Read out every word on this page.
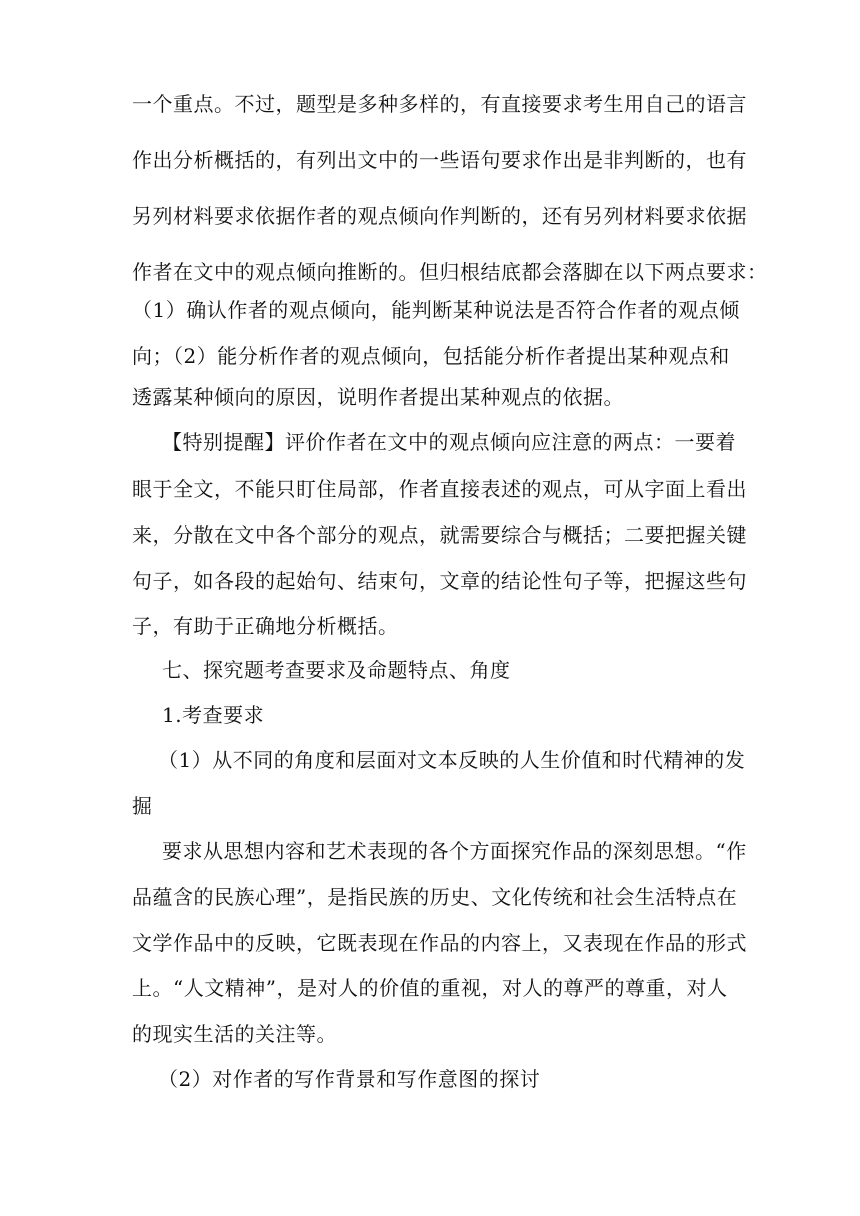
一个重点。不过，题型是多种多样的，有直接要求考生用自己的语言
作出分析概括的，有列出文中的一些语句要求作出是非判断的，也有
另列材料要求依据作者的观点倾向作判断的，还有另列材料要求依据
作者在文中的观点倾向推断的。但归根结底都会落脚在以下两点要求：
（1）确认作者的观点倾向，能判断某种说法是否符合作者的观点倾
向；（2）能分析作者的观点倾向，包括能分析作者提出某种观点和
透露某种倾向的原因，说明作者提出某种观点的依据。
【特别提醒】评价作者在文中的观点倾向应注意的两点：一要着
眼于全文，不能只盯住局部，作者直接表述的观点，可从字面上看出
来，分散在文中各个部分的观点，就需要综合与概括；二要把握关键
句子，如各段的起始句、结束句，文章的结论性句子等，把握这些句
子，有助于正确地分析概括。
七、探究题考查要求及命题特点、角度
1.考查要求
（1）从不同的角度和层面对文本反映的人生价值和时代精神的发
掘
要求从思想内容和艺术表现的各个方面探究作品的深刻思想。“作
品蕴含的民族心理”，是指民族的历史、文化传统和社会生活特点在
文学作品中的反映，它既表现在作品的内容上，又表现在作品的形式
上。“人文精神”，是对人的价值的重视，对人的尊严的尊重，对人
的现实生活的关注等。
（2）对作者的写作背景和写作意图的探讨
